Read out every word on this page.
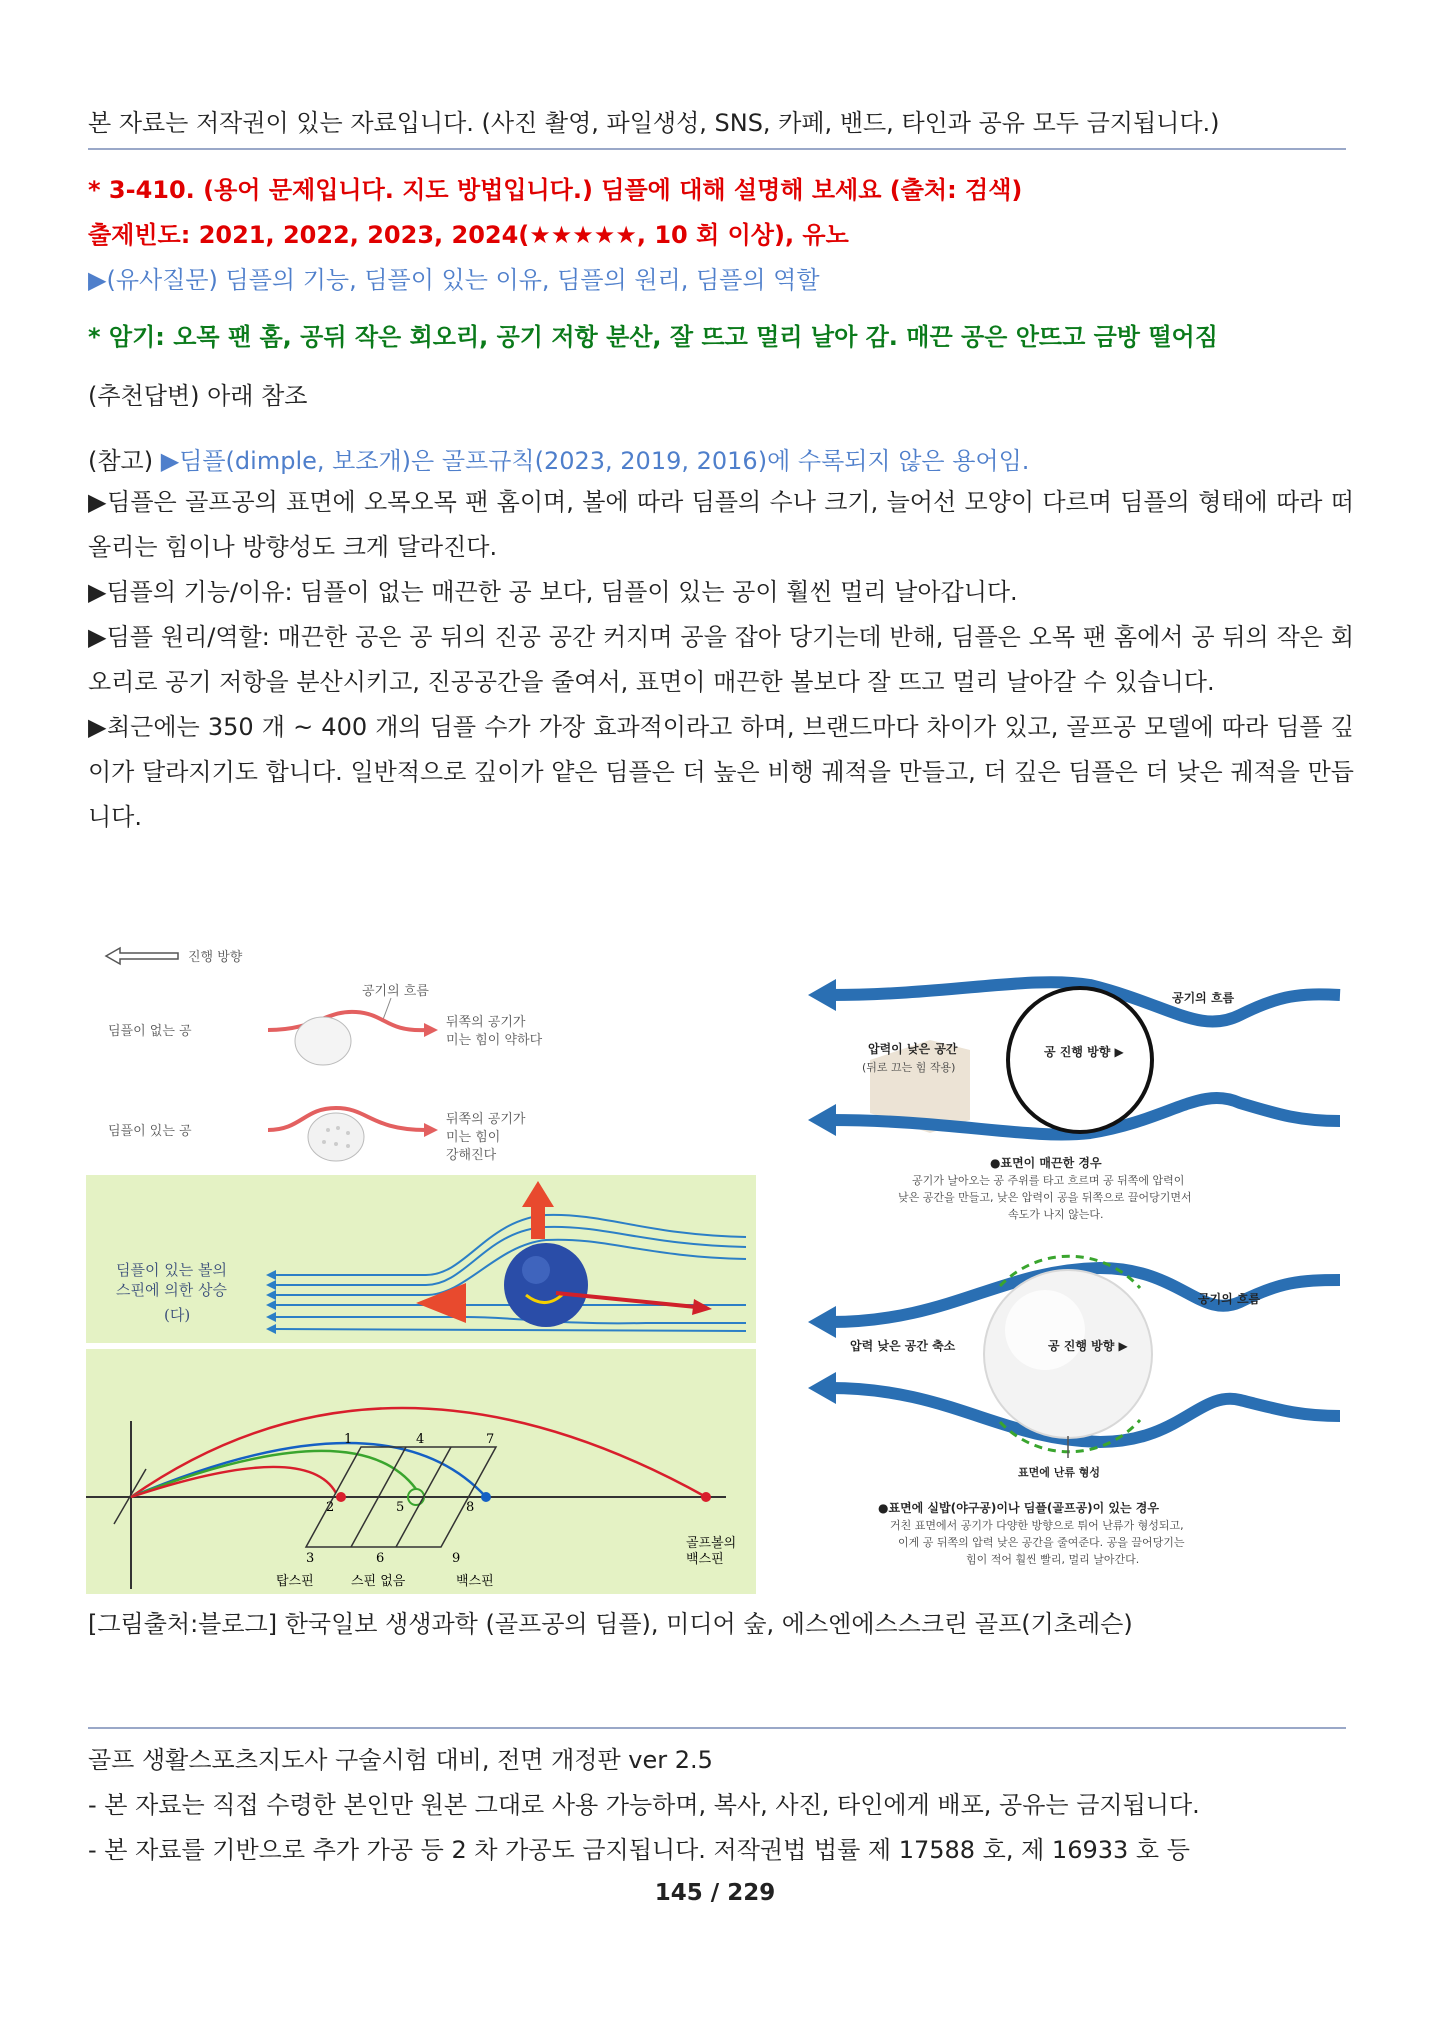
본 자료는 저작권이 있는 자료입니다. (사진 촬영, 파일생성, SNS, 카페, 밴드, 타인과 공유 모두 금지됩니다.)
* 3-410. (용어 문제입니다. 지도 방법입니다.) 딤플에 대해 설명해 보세요 (출처: 검색)
출제빈도: 2021, 2022, 2023, 2024(★★★★★, 10 회 이상), 유노
▶(유사질문) 딤플의 기능, 딤플이 있는 이유, 딤플의 원리, 딤플의 역할
* 암기: 오목 팬 홈, 공뒤 작은 회오리, 공기 저항 분산, 잘 뜨고 멀리 날아 감. 매끈 공은 안뜨고 금방 떨어짐
(추천답변) 아래 참조
(참고) ▶딤플(dimple, 보조개)은 골프규칙(2023, 2019, 2016)에 수록되지 않은 용어임.

▶딤플은 골프공의 표면에 오목오목 팬 홈이며, 볼에 따라 딤플의 수나 크기, 늘어선 모양이 다르며 딤플의 형태에 따라 떠올리는 힘이나 방향성도 크게 달라진다.

▶딤플의 기능/이유: 딤플이 없는 매끈한 공 보다, 딤플이 있는 공이 훨씬 멀리 날아갑니다.

▶딤플 원리/역할: 매끈한 공은 공 뒤의 진공 공간 커지며 공을 잡아 당기는데 반해, 딤플은 오목 팬 홈에서 공 뒤의 작은 회오리로 공기 저항을 분산시키고, 진공공간을 줄여서, 표면이 매끈한 볼보다 잘 뜨고 멀리 날아갈 수 있습니다.

▶최근에는 350 개 ~ 400 개의 딤플 수가 가장 효과적이라고 하며, 브랜드마다 차이가 있고, 골프공 모델에 따라 딤플 깊이가 달라지기도 합니다. 일반적으로 깊이가 얕은 딤플은 더 높은 비행 궤적을 만들고, 더 깊은 딤플은 더 낮은 궤적을 만듭니다.

진행 방향
공기의 흐름
딤플이 없는 공
뒤쪽의 공기가
미는 힘이 약하다
딤플이 있는 공
뒤쪽의 공기가
미는 힘이
강해진다
딤플이 있는 볼의
스핀에 의한 상승
(다)
1
2
3
4
5
6
7
8
9
탑스핀	스핀 없음	백스핀
골프볼의
백스핀
공기의 흐름
압력이 낮은 공간
(뒤로 끄는 힘 작용)
공 진행 방향 ▶
●표면이 매끈한 경우
공기가 날아오는 공 주위를 타고 흐르며 공 뒤쪽에 압력이
낮은 공간을 만들고, 낮은 압력이 공을 뒤쪽으로 끌어당기면서
속도가 나지 않는다.
공기의 흐름
압력 낮은 공간 축소	공 진행 방향 ▶
표면에 난류 형성
●표면에 실밥(야구공)이나 딤플(골프공)이 있는 경우
거친 표면에서 공기가 다양한 방향으로 튀어 난류가 형성되고,
이게 공 뒤쪽의 압력 낮은 공간을 줄여준다. 공을 끌어당기는
힘이 적어 훨씬 빨리, 멀리 날아간다.
[그림출처:블로그] 한국일보 생생과학 (골프공의 딤플), 미디어 숲, 에스엔에스스크린 골프(기초레슨)
골프 생활스포츠지도사 구술시험 대비, 전면 개정판 ver 2.5
- 본 자료는 직접 수령한 본인만 원본 그대로 사용 가능하며, 복사, 사진, 타인에게 배포, 공유는 금지됩니다.
- 본 자료를 기반으로 추가 가공 등 2 차 가공도 금지됩니다. 저작권법 법률 제 17588 호, 제 16933 호 등
145 / 229
